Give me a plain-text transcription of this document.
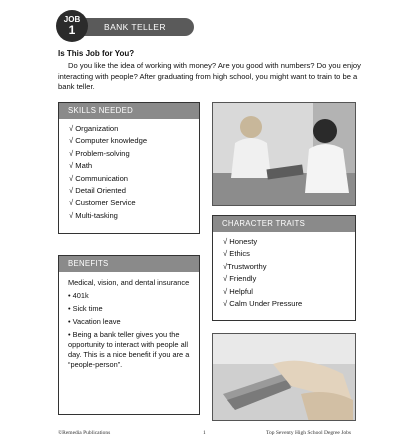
JOB
1	BANK TELLER
Is This Job for You?
Do you like the idea of working with money? Are you good with numbers? Do you enjoy interacting with people? After graduating from high school, you might want to train to be a bank teller.
SKILLS NEEDED
√ Organization
√ Computer knowledge
√ Problem-solving
√ Math
√ Communication
√ Detail Oriented
√ Customer Service
√ Multi-tasking
CHARACTER TRAITS
√ Honesty
√ Ethics
√Trustworthy
√ Friendly
√ Helpful
√ Calm Under Pressure
BENEFITS

Medical, vision, and dental insurance

• 401k

• Sick time

• Vacation leave

• Being a bank teller gives you the opportunity to interact with people all day. This is a nice benefit if you are a “people-person”.

©Remedia Publications	1	Top Seventy High School Degree Jobs
